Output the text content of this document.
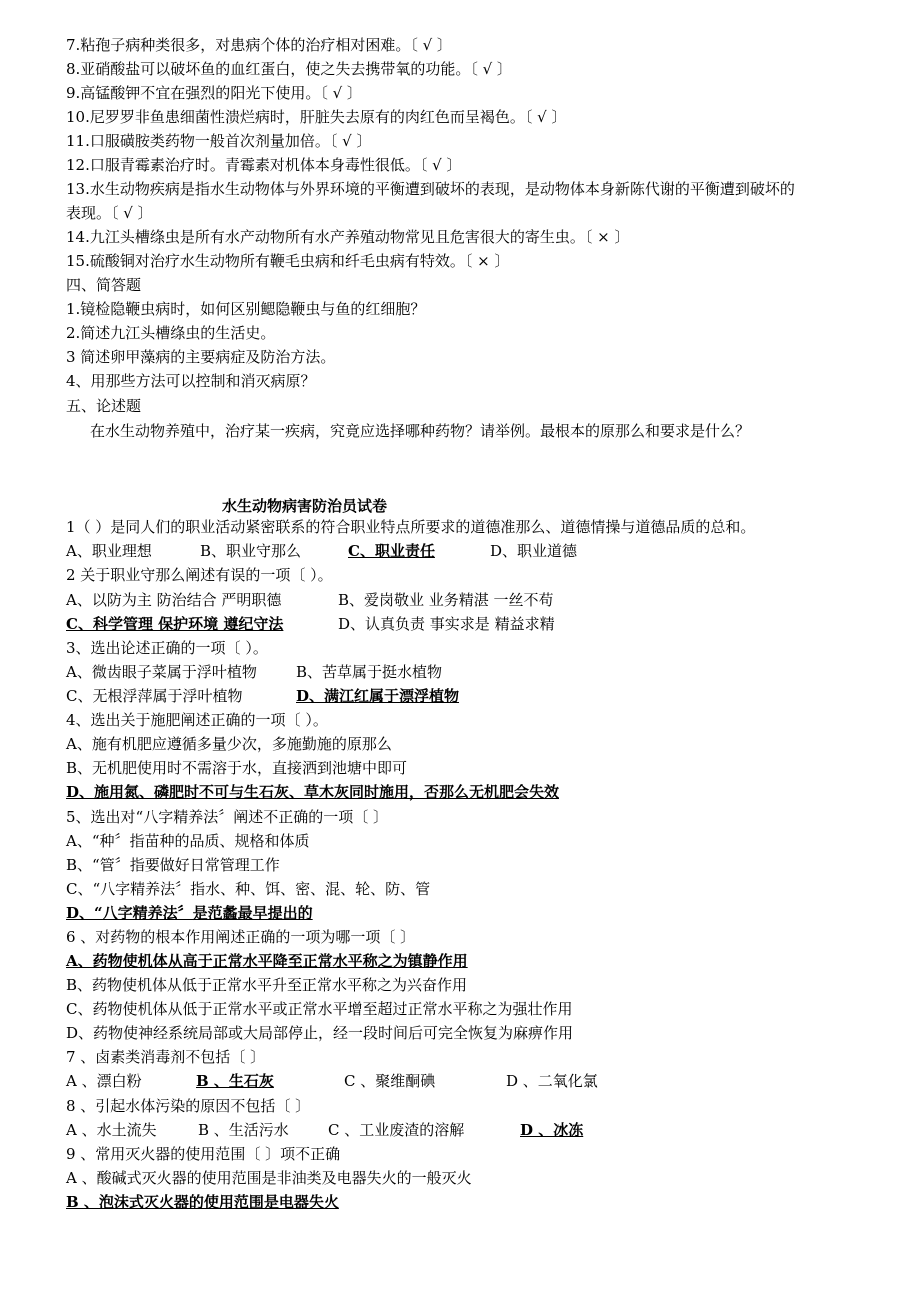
7.粘孢子病种类很多，对患病个体的治疗相对困难。〔 √ 〕
8.亚硝酸盐可以破坏鱼的血红蛋白，使之失去携带氧的功能。〔 √ 〕
9.高锰酸钾不宜在强烈的阳光下使用。〔 √ 〕
10.尼罗罗非鱼患细菌性溃烂病时，肝脏失去原有的肉红色而呈褐色。〔 √ 〕
11.口服磺胺类药物一般首次剂量加倍。〔 √ 〕
12.口服青霉素治疗时。青霉素对机体本身毒性很低。〔 √ 〕
13.水生动物疾病是指水生动物体与外界环境的平衡遭到破坏的表现，是动物体本身新陈代谢的平衡遭到破坏的
表现。〔 √ 〕
14.九江头槽绦虫是所有水产动物所有水产养殖动物常见且危害很大的寄生虫。〔 × 〕
15.硫酸铜对治疗水生动物所有鞭毛虫病和纤毛虫病有特效。〔 × 〕
四、简答题
1.镜检隐鞭虫病时，如何区别鳃隐鞭虫与鱼的红细胞？
2.简述九江头槽绦虫的生活史。
3 简述卵甲藻病的主要病症及防治方法。
4、用那些方法可以控制和消灭病原？
五、论述题
在水生动物养殖中，治疗某一疾病，究竟应选择哪种药物？请举例。最根本的原那么和要求是什么？
水生动物病害防治员试卷
1（ ）是同人们的职业活动紧密联系的符合职业特点所要求的道德准那么、道德情操与道德品质的总和。
A、职业理想	B、职业守那么	C、职业责任	D、职业道德
2 关于职业守那么阐述有误的一项〔 ）。
A、以防为主 防治结合 严明职德	B、爱岗敬业 业务精湛 一丝不苟
C、科学管理 保护环境 遵纪守法	D、认真负责 事实求是 精益求精
3、选出论述正确的一项〔 ）。
A、微齿眼子菜属于浮叶植物	B、苦草属于挺水植物
C、无根浮萍属于浮叶植物	D、满江红属于漂浮植物
4、选出关于施肥阐述正确的一项〔 ）。
A、施有机肥应遵循多量少次，多施勤施的原那么
B、无机肥使用时不需溶于水，直接洒到池塘中即可
D、施用氮、磷肥时不可与生石灰、草木灰同时施用，否那么无机肥会失效
5、选出对“八字精养法〞阐述不正确的一项〔 〕
A、“种〞指苗种的品质、规格和体质
B、“管〞指要做好日常管理工作
C、“八字精养法〞指水、种、饵、密、混、轮、防、管
D、“八字精养法〞是范蠡最早提出的
6 、对药物的根本作用阐述正确的一项为哪一项〔 〕
A、药物使机体从高于正常水平降至正常水平称之为镇静作用
B、药物使机体从低于正常水平升至正常水平称之为兴奋作用
C、药物使机体从低于正常水平或正常水平增至超过正常水平称之为强壮作用
D、药物使神经系统局部或大局部停止，经一段时间后可完全恢复为麻痹作用
7 、卤素类消毒剂不包括〔 〕
A 、漂白粉	B 、生石灰	C 、聚维酮碘	D 、二氧化氯
8 、引起水体污染的原因不包括〔 〕
A 、水土流失	B 、生活污水	C 、工业废渣的溶解	D 、冰冻
9 、常用灭火器的使用范围〔 〕项不正确
A 、酸碱式灭火器的使用范围是非油类及电器失火的一般灭火
B 、泡沫式灭火器的使用范围是电器失火
